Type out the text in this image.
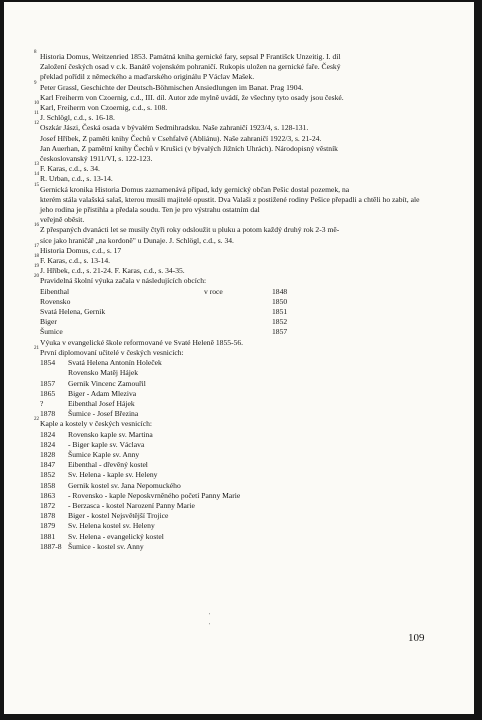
8 Historia Domus, Weitzenried 1853. Památná kniha gernické fary, sepsal P Františck Unzeitig. I. díl
Založení českých osad v c.k. Banátě vojenském pohraničí. Rukopis uložen na gernické faře. Český
překlad pořídil z německého a maďarského originálu P Václav Mašek.
9 Peter Grassl, Geschichte der Deutsch-Böhmischen Ansiedlungen im Banat. Prag 1904.
Karl Freiherrn von Czoernig, c.d., III. díl. Autor zde mylně uvádí, že všechny tyto osady jsou české.
10 Karl, Freiherrn von Czoernig, c.d., s. 108.
11 J. Schlögl, c.d., s. 16-18.
12 Oszkár Jászi, Česká osada v bývalém Sedmihradsku. Naše zahraničí 1923/4, s. 128-131.
Josef Hříbek, Z paměti knihy Čechů v Csehfalvě (Abliánu). Naše zahraničí 1922/3, s. 21-24.
Jan Auerhan, Z pamětní knihy Čechů v Krušici (v bývalých Jižních Uhrách). Národopisný věstník
českoslovanský 1911/VI, s. 122-123.
13 F. Karas, c.d., s. 34.
14 R. Urban, c.d., s. 13-14.
15 Gernická kronika Historia Domus zaznamenává případ, kdy gernický občan Pešic dostal pozemek, na
kterém stála valašská salaš, kterou musili majitelé opustit. Dva Valaši z postižené rodiny Pešice přepadli a chtěli ho zabít, ale jeho rodina je přistihla a předala soudu. Ten je pro výstrahu ostatním dal
veřejně oběsit.
16 Z přespaných dvanácti let se musily čtyři roky odsloužit u pluku a potom každý druhý rok 2-3 mě-
síce jako hraničář „na kordoně" u Dunaje. J. Schlögl, c.d., s. 34.
17 Historia Domus, c.d., s. 17
18 F. Karas, c.d., s. 13-14.
19 J. Hříbek, c.d., s. 21-24. F. Karas, c.d., s. 34-35.
20 Pravidelná školní výuka začala v následujících obcích:
Eibenthal	v roce	1848
Rovensko		1850
Svatá Helena, Gernik		1851
Biger		1852
Šumice		1857
Výuka v evangelické škole reformované ve Svaté Heleně 1855-56.
21 První diplomovaní učitelé v českých vesnicích:
1854	Svatá Helena Antonín Holeček
	Rovensko Matěj Hájek
1857	Gernik Vincenc Zamouřil
1865	Biger - Adam Mleziva
?	Eibenthal Josef Hájek
1878	Šumice - Josef Březina
22 Kaple a kostely v českých vesnicích:
1824	Rovensko kaple sv. Martina
1824	- Biger kaple sv. Václava
1828	Šumice Kaple sv. Anny
1847	Eibenthal - dřevěný kostel
1852	Sv. Helena - kaple sv. Heleny
1858	Gernik kostel sv. Jana Nepomuckého
1863	- Rovensko - kaple Neposkvrněného početí Panny Marie
1872	- Berzasca - kostel Narození Panny Marie
1878	Biger - kostel Nejsvětější Trojice
1879	Sv. Helena kostel sv. Heleny
1881	Sv. Helena - evangelický kostel
1887-8	Šumice - kostel sv. Anny
'
'
109
